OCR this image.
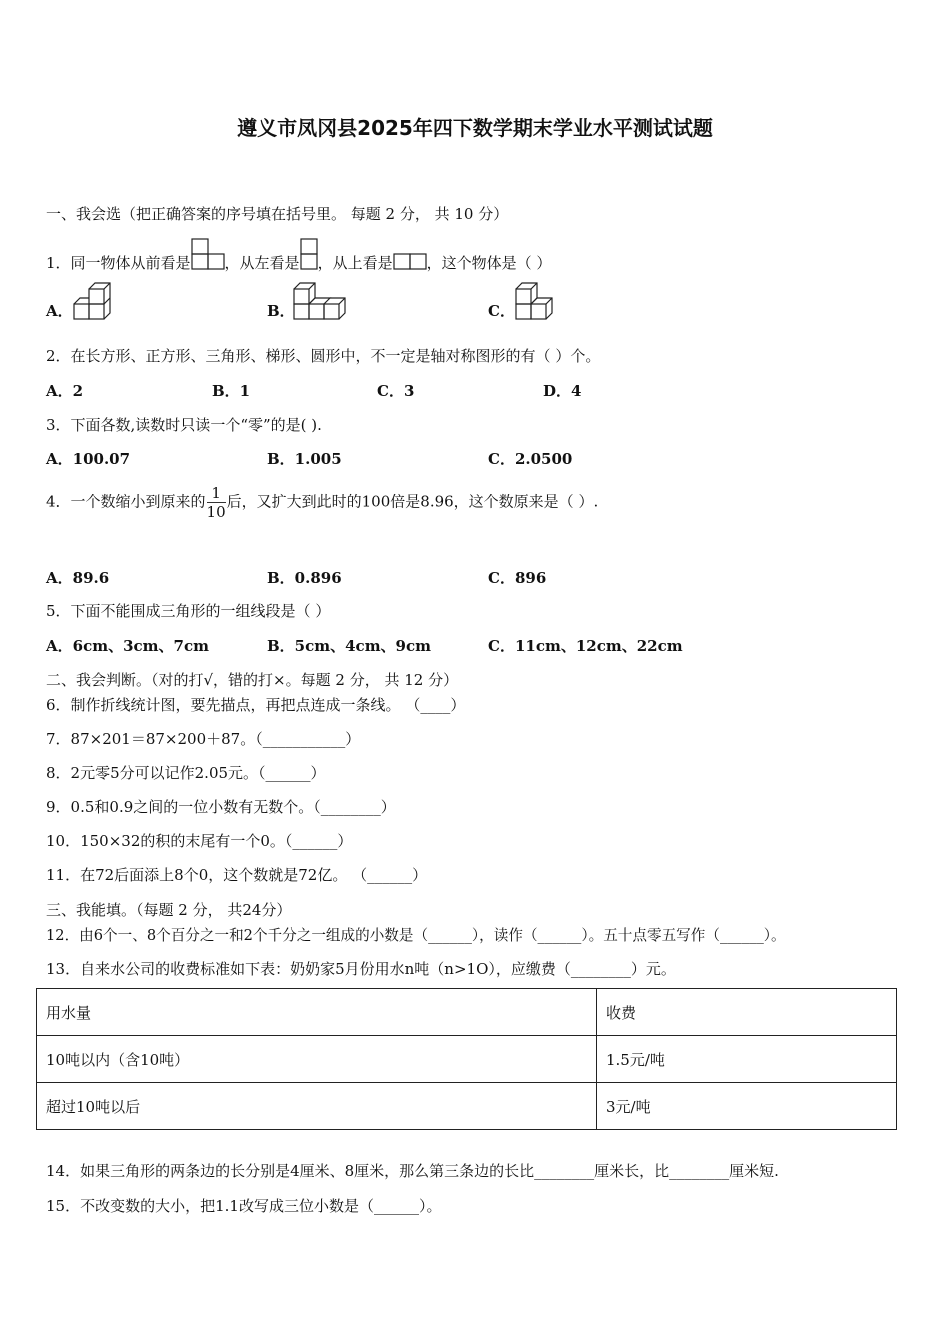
遵义市凤冈县2025年四下数学期末学业水平测试试题
一、我会选（把正确答案的序号填在括号里。 每题 2 分， 共 10 分）
1．同一物体从前看是 ，从左看是 ，从上看是 ，这个物体是（ ）
A．	B．	C．
2．在长方形、正方形、三角形、梯形、圆形中，不一定是轴对称图形的有（ ）个。
A．2	B．1	C．3	D．4
3．下面各数,读数时只读一个“零”的是( ).
A．100.07	B．1.005	C．2.0500
4．一个数缩小到原来的 $\frac{1}{10}$ 后，又扩大到此时的100倍是8.96，这个数原来是（ ）.
A．89.6	B．0.896	C．896
5．下面不能围成三角形的一组线段是（ ）
A．6cm、3cm、7cm	B．5cm、4cm、9cm	C．11cm、12cm、22cm
二、我会判断。（对的打√，错的打×。每题 2 分， 共 12 分）
6．制作折线统计图，要先描点，再把点连成一条线。 （____）
7．87×201＝87×200＋87。（___________）
8．2元零5分可以记作2.05元。（______）
9．0.5和0.9之间的一位小数有无数个。（________）
10．150×32的积的末尾有一个0。（______）
11．在72后面添上8个0，这个数就是72亿。 （______）
三、我能填。（每题 2 分， 共24分）
12．由6个一、8个百分之一和2个千分之一组成的小数是（______），读作（______）。五十点零五写作（______）。
13．自来水公司的收费标准如下表：奶奶家5月份用水n吨（n>1O），应缴费（________）元。
用水量	收费
10吨以内（含10吨）	1.5元/吨
超过10吨以后	3元/吨
14．如果三角形的两条边的长分别是4厘米、8厘米，那么第三条边的长比________厘米长，比________厘米短.
15．不改变数的大小，把1.1改写成三位小数是（______）。
